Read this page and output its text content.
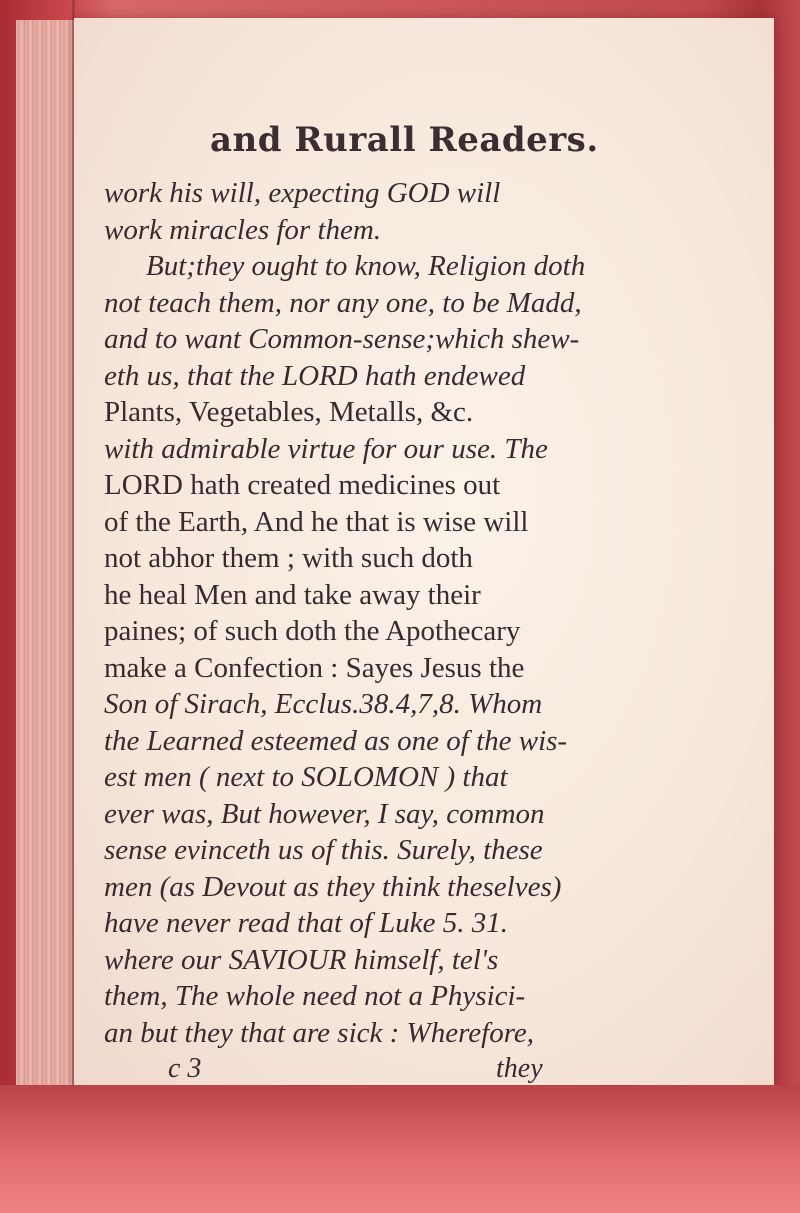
and Rurall Readers.
work his will, expecting GOD will
work miracles for them.
But;they ought to know, Religion doth
not teach them, nor any one, to be Madd,
and to want Common-sense;which shew-
eth us, that the LORD hath endewed
Plants, Vegetables, Metalls, &c.
with admirable virtue for our use. The
LORD hath created medicines out
of the Earth, And he that is wise will
not abhor them ; with such doth
he heal Men and take away their
paines; of such doth the Apothecary
make a Confection : Sayes Jesus the
Son of Sirach, Ecclus.38.4,7,8. Whom
the Learned esteemed as one of the wis-
est men ( next to SOLOMON ) that
ever was, But however, I say, common
sense evinceth us of this. Surely, these
men (as Devout as they think theselves)
have never read that of Luke 5. 31.
where our SAVIOUR himself, tel's
them, The whole need not a Physici-
an but they that are sick : Wherefore,
c 3	they
